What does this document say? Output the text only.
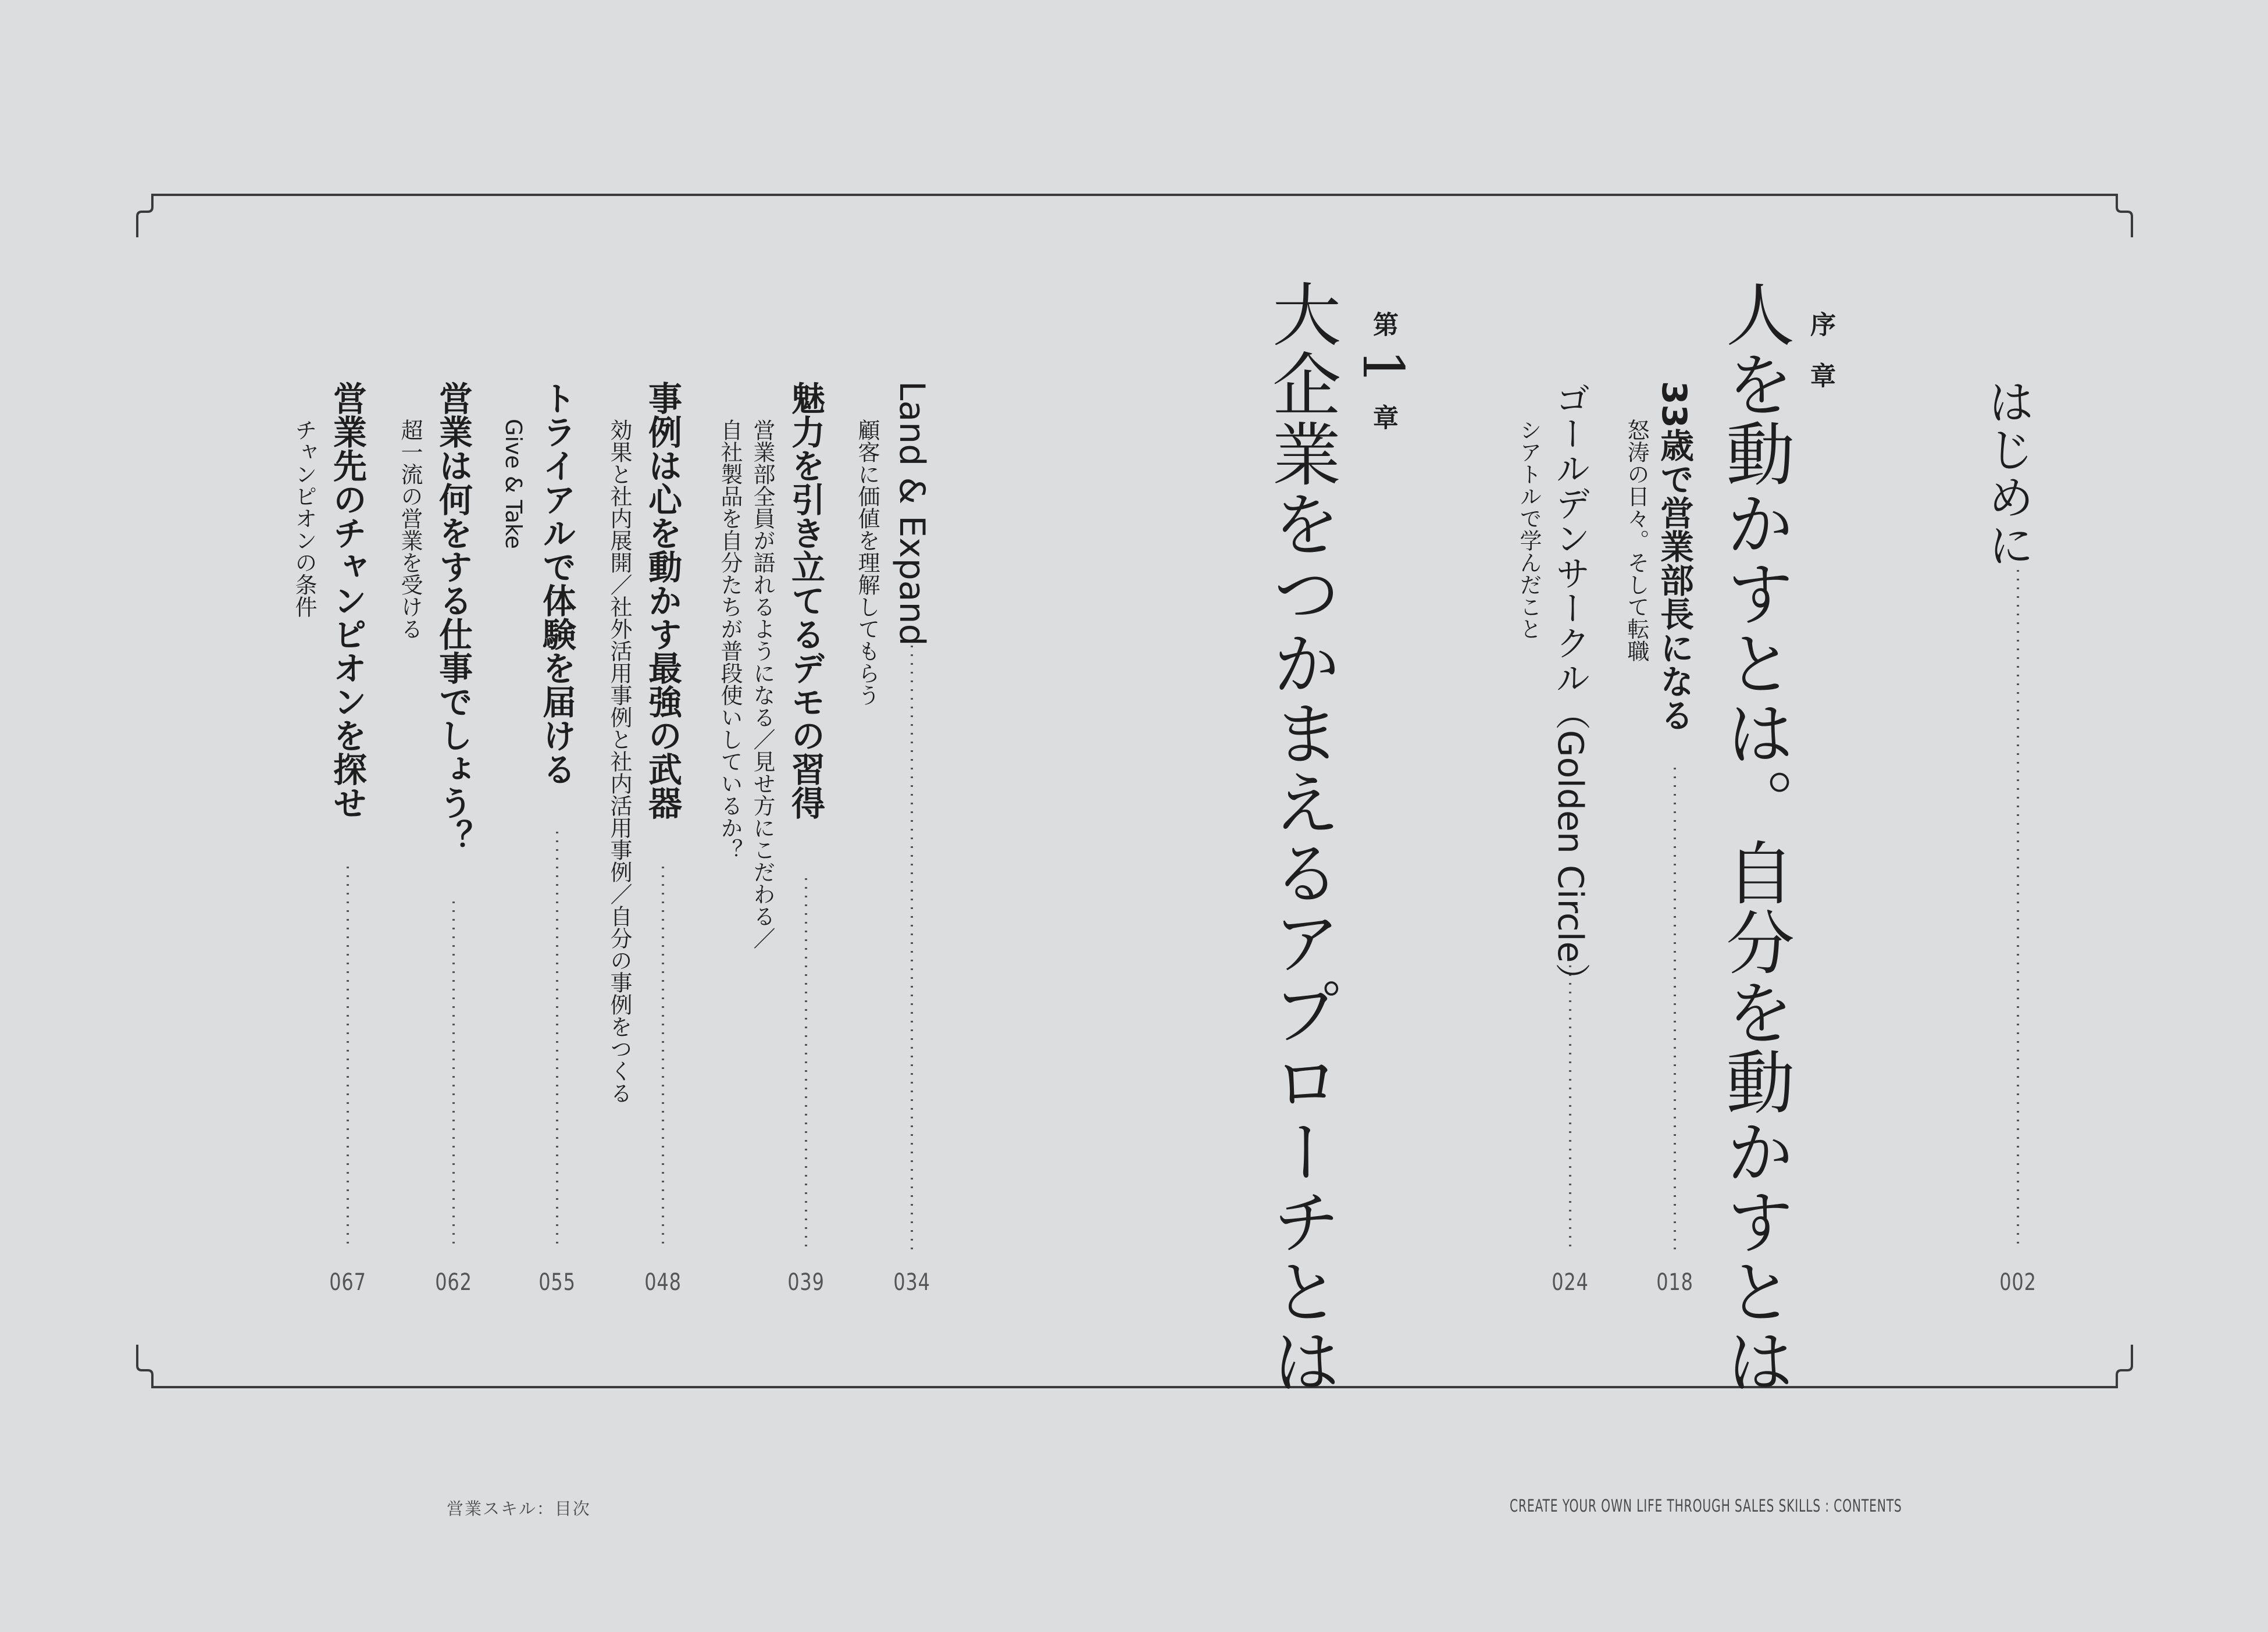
はじめに
002
序　章
人を動かすとは。自分を動かすとは
33歳で営業部長になる
怒涛の日々。そして転職
018
ゴールデンサークル（Golden Circle）
シアトルで学んだこと
024
第 1 章
大企業をつかまえるアプローチとは
Land & Expand
顧客に価値を理解してもらう
034
魅力を引き立てるデモの習得
営業部全員が語れるようになる／見せ方にこだわる／
自社製品を自分たちが普段使いしているか？
039
事例は心を動かす最強の武器
効果と社内展開／社外活用事例と社内活用事例／自分の事例をつくる
048
トライアルで体験を届ける
Give & Take
055
営業は何をする仕事でしょう？
超一流の営業を受ける
062
営業先のチャンピオンを探せ
チャンピオンの条件
067
営業スキル：目次	CREATE YOUR OWN LIFE THROUGH SALES SKILLS : CONTENTS
